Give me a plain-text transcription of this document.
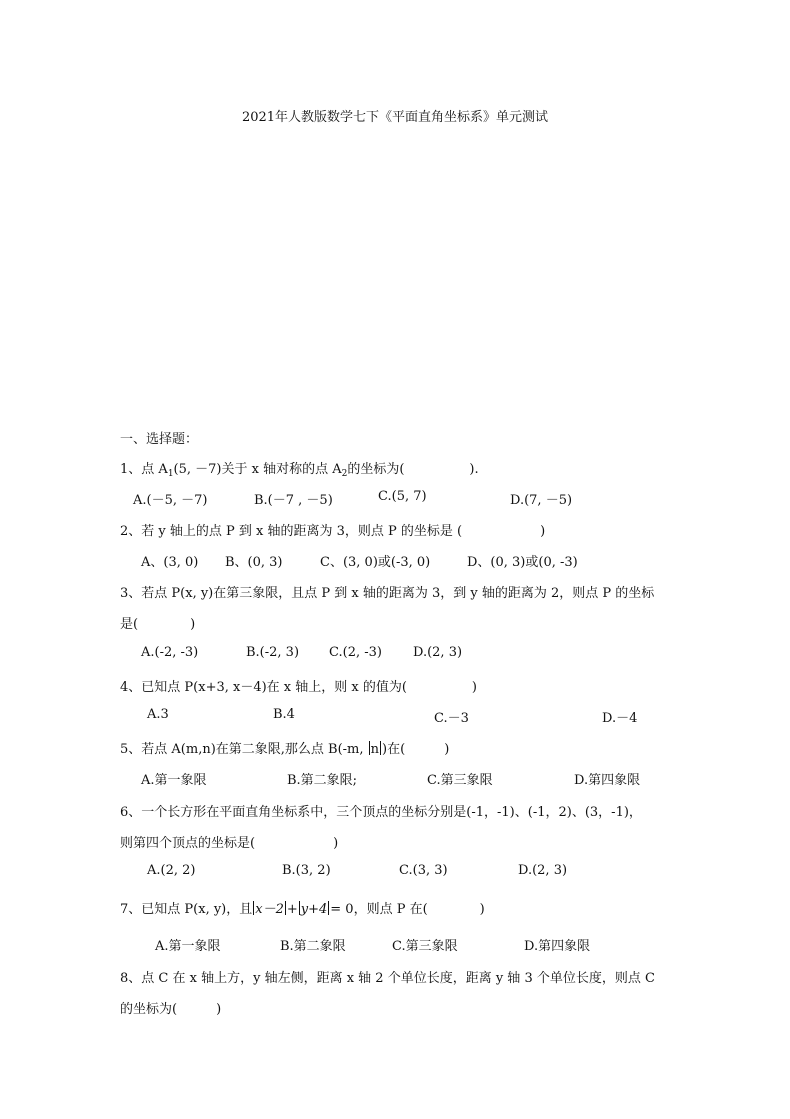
2021年人教版数学七下《平面直角坐标系》单元测试
一、选择题：
1、点 $A_1(5$, －7)关于 x 轴对称的点 $A_2$的坐标为(　　　　　).
A.(－5, －7)	B.(－7 , －5)	C.(5, 7)	D.(7, －5)
2、若 y 轴上的点 P 到 x 轴的距离为 3，则点 P 的坐标是 (　　　　　　)
A、(3, 0) B、(0, 3)	C、(3, 0)或(-3, 0)	D、(0, 3)或(0, -3)
3、若点 P(x, y)在第三象限，且点 P 到 x 轴的距离为 3，到 y 轴的距离为 2，则点 P 的坐标
是(　　　　)
A.(-2, -3)	B.(-2, 3) C.(2, -3) D.(2, 3)
4、已知点 P(x+3, x－4)在 x 轴上，则 x 的值为(　　　　　)
A.3	B.4	C.－3	D.－4
5、若点 A(m,n)在第二象限,那么点 B(-m, n )在(　　　)
A.第一象限	B.第二象限;	C.第三象限	D.第四象限
6、一个长方形在平面直角坐标系中，三个顶点的坐标分别是(-1，-1)、(-1，2)、(3，-1)，
则第四个顶点的坐标是(　　　　　　)
A.(2, 2)	B.(3, 2)	C.(3, 3)	D.(2, 3)
7、已知点 P(x, y)，且 x－2 + y+4 = 0，则点 P 在(　　　　)
A.第一象限	B.第二象限	C.第三象限	D.第四象限
8、点 C 在 x 轴上方，y 轴左侧，距离 x 轴 2 个单位长度，距离 y 轴 3 个单位长度，则点 C
的坐标为(　　　)
